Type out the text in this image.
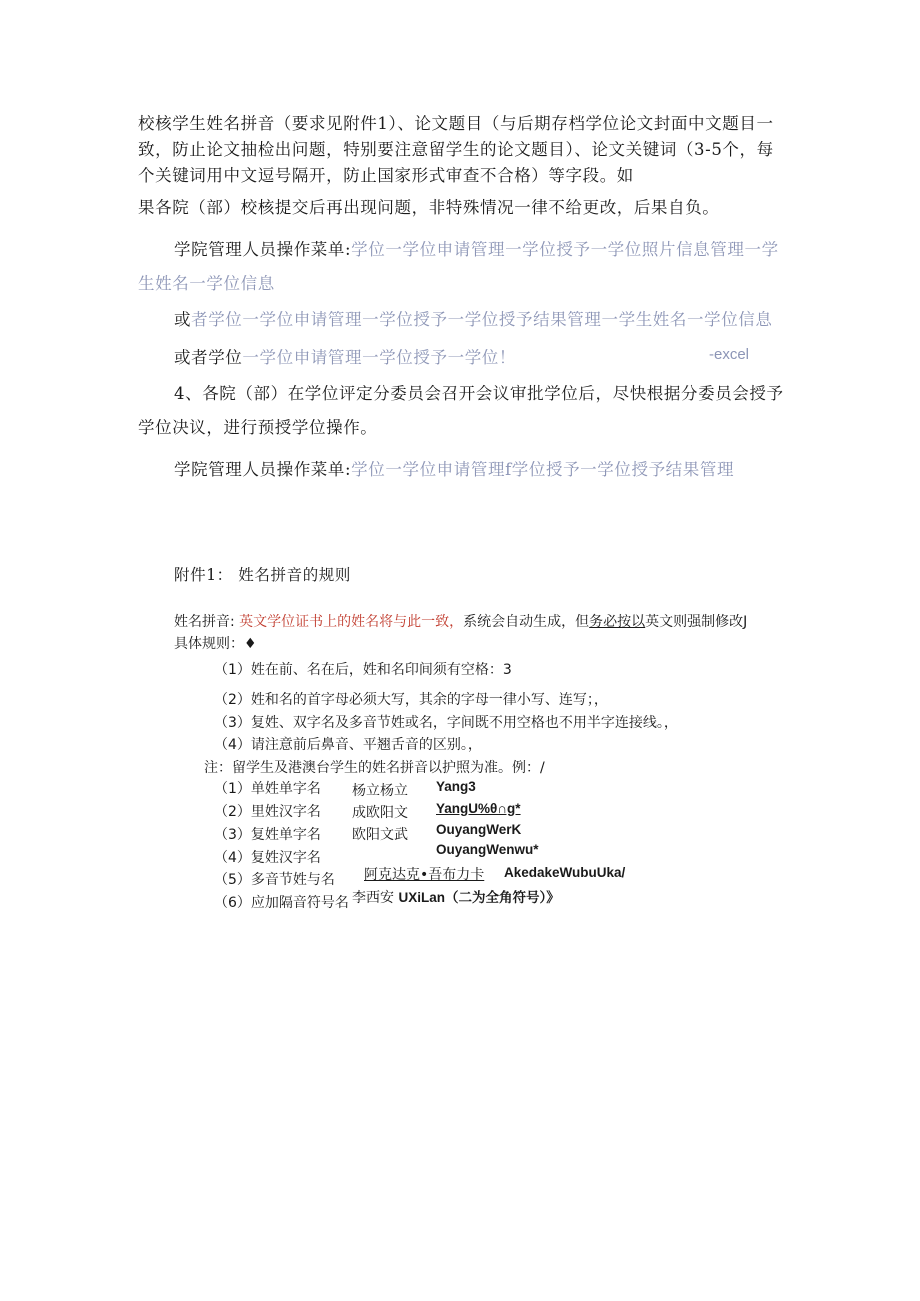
校核学生姓名拼音（要求见附件1）、论文题目（与后期存档学位论文封面中文题目一
致，防止论文抽检出问题，特别要注意留学生的论文题目）、论文关键词（3-5个，每
个关键词用中文逗号隔开，防止国家形式审查不合格）等字段。如
果各院（部）校核提交后再出现问题，非特殊情况一律不给更改，后果自负。
学院管理人员操作菜单:学位一学位申请管理一学位授予一学位照片信息管理一学
生姓名一学位信息
或者学位一学位申请管理一学位授予一学位授予结果管理一学生姓名一学位信息
或者学位一学位申请管理一学位授予一学位！	-excel
4、各院（部）在学位评定分委员会召开会议审批学位后，尽快根据分委员会授予
学位决议，进行预授学位操作。
学院管理人员操作菜单:学位一学位申请管理f学位授予一学位授予结果管理
附件1： 姓名拼音的规则
姓名拼音: 英文学位证书上的姓名将与此一致，系统会自动生成，但务必按以英文则强制修改J
具体规则：♦
（1）姓在前、名在后，姓和名印间须有空格：3
（2）姓和名的首字母必须大写，其余的字母一律小写、连写；，
（3）复姓、双字名及多音节姓或名，字间既不用空格也不用半字连接线。，
（4）请注意前后鼻音、平翘舌音的区别。，
注：留学生及港澳台学生的姓名拼音以护照为准。例：/
（1）单姓单字名 杨立杨立 Yang3
（2）里姓汉字名 成欧阳文 YangU%θ∩g*
（3）复姓单字名 欧阳文武 OuyangWerK
（4）复姓汉字名
OuyangWenwu*
（5）多音节姓与名 阿克达克•吾布力卡 AkedakeWubuUka/
（6）应加隔音符号名 李西安 UXiLan（二为全角符号）》
